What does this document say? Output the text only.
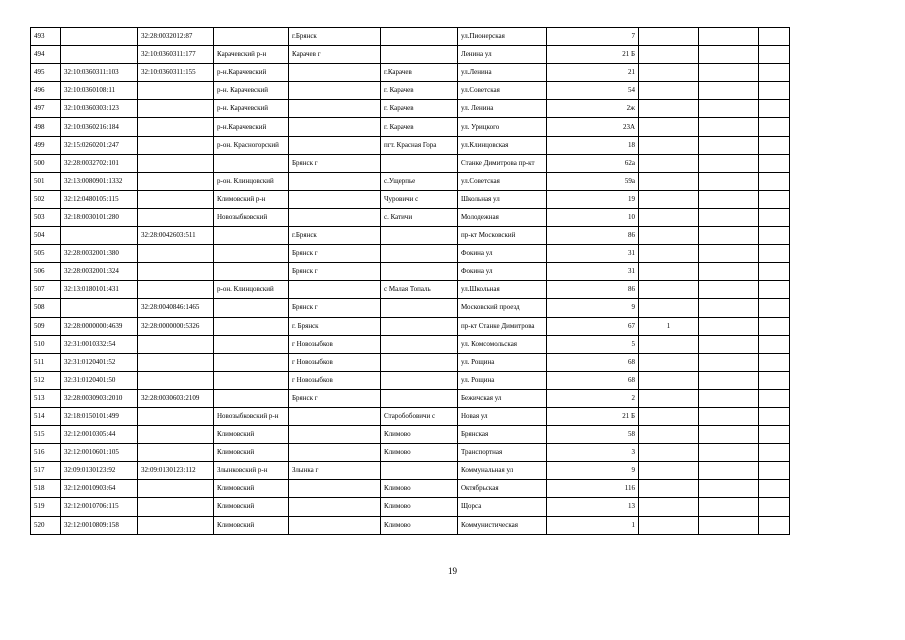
493		32:28:0032012:87		г.Брянск		ул.Пионерская	7			
494		32:10:0360311:177	Карачевский р-н	Карачев г		Ленина ул	21 Б			
495	32:10:0360311:103	32:10:0360311:155	р-н.Карачевский		г.Карачев	ул.Ленина	21			
496	32:10:0360108:11		р-н. Карачевский		г. Карачев	ул.Советская	54			
497	32:10:0360303:123		р-н. Карачевский		г. Карачев	ул. Ленина	2ж			
498	32:10:0360216:184		р-н.Карачевский		г. Карачев	ул. Урицкого	23А			
499	32:15:0260201:247		р-он. Красногорский		пгт. Красная Гора	ул.Клинцовская	18			
500	32:28:0032702:101			Брянск г		Станке Димитрова пр-кт	62а			
501	32:13:0080901:1332		р-он. Клинцовский		с.Ущерпье	ул.Советская	59а			
502	32:12:0480105:115		Климовский р-н		Чуровичи с	Школьная ул	19			
503	32:18:0030101:280		Новозыбковский		с. Катичи	Молодежная	10			
504		32:28:0042603:511		г.Брянск		пр-кт Московский	86			
505	32:28:0032001:380			Брянск г		Фокина ул	31			
506	32:28:0032001:324			Брянск г		Фокина ул	31			
507	32:13:0180101:431		р-он. Клинцовский		с Малая Топаль	ул.Школьная	86			
508		32:28:0040846:1465		Брянск г		Московский проезд	9			
509	32:28:0000000:4639	32:28:0000000:5326		г. Брянск		пр-кт Станке Димитрова	67	1		
510	32:31:0010332:54			г Новозыбков		ул. Комсомольская	5			
511	32:31:0120401:52			г Новозыбков		ул. Рощина	68			
512	32:31:0120401:50			г Новозыбков		ул. Рощина	68			
513	32:28:0030903:2010	32:28:0030603:2109		Брянск г		Бежичская ул	2			
514	32:18:0150101:499		Новозыбковский р-н		Старобобовичи с	Новая ул	21 Б			
515	32:12:0010305:44		Климовский		Климово	Брянская	58			
516	32:12:0010601:105		Климовский		Климово	Транспортная	3			
517	32:09:0130123:92	32:09:0130123:112	Злынковский р-н	Злынка г		Коммунальная ул	9			
518	32:12:0010903:64		Климовский		Климово	Октябрьская	116			
519	32:12:0010706:115		Климовский		Климово	Щорса	13			
520	32:12:0010809:158		Климовский		Климово	Коммунистическая	1			
19
